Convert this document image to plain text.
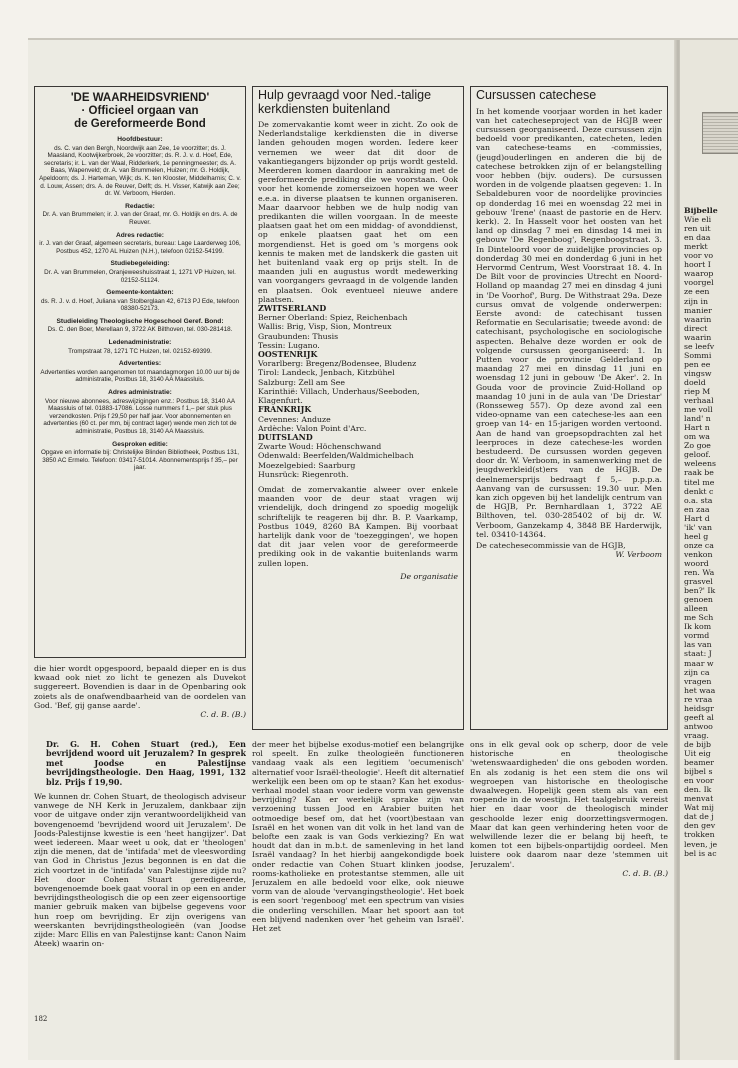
Bijbelle
Wie eli
ren uit
en daa
merkt
voor vo
hoort I
waarop
voorgel
ze een
zijn in
manier
waarin
direct
waarin
se leefv
Sommi
pen ee
vingsw
doeld
riep M
verhaal
me voll
land' n
Hart n
om wa
Zo goe
geloof.
weleens
raak be
titel me
denkt c
o.a. sta
en zaa
Hart d
'ik' van
heel g
onze ca
venkon
woord
ren. Wa
grasvel
ben?' Ik
genoen
alleen
me Sch
Ik kom
vormd
las van
staat: J
maar w
zijn ca
vragen
het waa
re vraa
heidsgr
geeft al
antwoo
vraag.
de bijb
Uit eig
beamer
bijbel s
en voor
den. Ik
menvat
Wat mij
dat de j
den gev
trokken
leven, je
bel is ac
'DE WAARHEIDSVRIEND'
· Officieel orgaan van
de Gereformeerde Bond
Hoofdbestuur:
ds. C. van den Bergh, Noordwijk aan Zee, 1e voorzitter; ds. J. Maasland, Kootwijkerbroek, 2e voorzitter; ds. R. J. v. d. Hoef, Ede, secretaris; ir. L. van der Waal, Ridderkerk, 1e penningmeester; ds. A. Baas, Wapenveld; dr. A. van Brummelen, Huizen; mr. G. Holdijk, Apeldoorn; ds. J. Harteman, Wijk; ds. K. ten Klooster, Middelharnis; C. v. d. Louw, Assen; drs. A. de Reuver, Delft; ds. H. Visser, Katwijk aan Zee; dr. W. Verboom, Hierden.
Redactie:
Dr. A. van Brummelen; ir. J. van der Graaf, mr. G. Holdijk en drs. A. de Reuver.
Adres redactie:
ir. J. van der Graaf, algemeen secretaris, bureau: Lage Laarderweg 106, Postbus 452, 1270 AL Huizen (N.H.), telefoon 02152-54199.
Studiebegeleiding:
Dr. A. van Brummelen, Oranjeweeshuisstraat 1, 1271 VP Huizen, tel. 02152-51124.
Gemeente-kontakten:
ds. R. J. v. d. Hoef, Juliana van Stolberglaan 42, 6713 PJ Ede, telefoon 08380-52173.
Studieleiding Theologische Hogeschool Geref. Bond:
Ds. C. den Boer, Merellaan 9, 3722 AK Bilthoven, tel. 030-281418.
Ledenadministratie:
Trompstraat 78, 1271 TC Huizen, tel. 02152-69399.
Advertenties:
Advertenties worden aangenomen tot maandagmorgen 10.00 uur bij de administratie, Postbus 18, 3140 AA Maassluis.
Adres administratie:
Voor nieuwe abonnees, adreswijzigingen enz.: Postbus 18, 3140 AA Maassluis of tel. 01883-17086. Losse nummers f 1,– per stuk plus verzendkosten. Prijs f 29,50 per half jaar. Voor abonnementen en advertenties (60 ct. per mm, bij contract lager) wende men zich tot de administratie, Postbus 18, 3140 AA Maassluis.
Gesproken editie:
Opgave en informatie bij: Christelijke Blinden Bibliotheek, Postbus 131, 3850 AC Ermelo. Telefoon: 03417-51014. Abonnementsprijs f 35,– per jaar.

die hier wordt opgespoord, bepaald dieper en is dus kwaad ook niet zo licht te genezen als Duvekot suggereert. Bovendien is daar in de Openbaring ook zoiets als de onafwendbaarheid van de oordelen van God. 'Bef, gij ganse aarde'.

C. d. B. (B.)

Dr. G. H. Cohen Stuart (red.), Een bevrijdend woord uit Jeruzalem? In gesprek met Joodse en Palestijnse bevrijdingstheologie. Den Haag, 1991, 132 blz. Prijs f 19,90.

We kunnen dr. Cohen Stuart, de theologisch adviseur vanwege de NH Kerk in Jeruzalem, dankbaar zijn voor de uitgave onder zijn verantwoordelijkheid van bovengenoemd 'bevrijdend woord uit Jeruzalem'. De Joods-Palestijnse kwestie is een 'heet hangijzer'. Dat weet iedereen. Maar weet u ook, dat er 'theologen' zijn die menen, dat de 'intifada' met de vleeswording van God in Christus Jezus begonnen is en dat die zich voortzet in de 'intifada' van Palestijnse zijde nu? Het door Cohen Stuart geredigeerde, bovengenoemde boek gaat vooral in op een en ander bevrijdingstheologisch die op een zeer eigensoortige manier gebruik maken van bijbelse gegevens voor hun roep om bevrijding. Er zijn overigens van weerskanten bevrijdingstheologieën (van Joodse zijde: Marc Ellis en van Palestijnse kant: Canon Naim Ateek) waarin on-

der meer het bijbelse exodus-motief een belangrijke rol speelt. En zulke theologieën functioneren vandaag vaak als een legitiem 'oecumenisch' alternatief voor Israël-theologie'. Heeft dit alternatief werkelijk een been om op te staan? Kan het exodus-verhaal model staan voor iedere vorm van gewenste bevrijding? Kan er werkelijk sprake zijn van verzoening tussen Jood en Arabier buiten het ootmoedige besef om, dat het (voort)bestaan van Israël en het wonen van dit volk in het land van de belofte een zaak is van Gods verkiezing? En wat houdt dat dan in m.b.t. de samenleving in het land Israël vandaag? In het hierbij aangekondigde boek onder redactie van Cohen Stuart klinken joodse, rooms-katholieke en protestantse stemmen, alle uit Jeruzalem en alle bedoeld voor elke, ook nieuwe vorm van de aloude 'vervangingstheologie'. Het boek is een soort 'regenboog' met een spectrum van visies die onderling verschillen. Maar het spoort aan tot een blijvend nadenken over 'het geheim van Israël'. Het zet

ons in elk geval ook op scherp, door de vele historische en theologische 'wetenswaardigheden' die ons geboden worden. En als zodanig is het een stem die ons wil wegroepen van historische en theologische dwaalwegen. Hopelijk geen stem als van een roepende in de woestijn. Het taalgebruik vereist hier en daar voor de theologisch minder geschoolde lezer enig doorzettingsvermogen. Maar dat kan geen verhindering heten voor de welwillende lezer die er belang bij heeft, te komen tot een bijbels-onpartijdig oordeel. Men luistere ook daarom naar deze 'stemmen uit Jeruzalem'.

C. d. B. (B.)

Hulp gevraagd voor Ned.-talige kerkdiensten buitenland

De zomervakantie komt weer in zicht. Zo ook de Nederlandstalige kerkdiensten die in diverse landen gehouden mogen worden. Iedere keer vernemen we weer dat dit door de vakantiegangers bijzonder op prijs wordt gesteld. Meerderen komen daardoor in aanraking met de gereformeerde prediking die we voorstaan. Ook voor het komende zomerseizoen hopen we weer e.e.a. in diverse plaatsen te kunnen organiseren. Maar daarvoor hebben we de hulp nodig van predikanten die willen voorgaan. In de meeste plaatsen gaat het om een middag- of avonddienst, op enkele plaatsen gaat het om een morgendienst. Het is goed om 's morgens ook kennis te maken met de landskerk die gasten uit het buitenland vaak erg op prijs stelt. In de maanden juli en augustus wordt medewerking van voorgangers gevraagd in de volgende landen en plaatsen. Ook eventueel nieuwe andere plaatsen.

ZWITSERLAND

Berner Oberland: Spiez, Reichenbach

Wallis: Brig, Visp, Sion, Montreux

Graubunden: Thusis

Tessin: Lugano.

OOSTENRIJK

Vorarlberg: Bregenz/Bodensee, Bludenz

Tirol: Landeck, Jenbach, Kitzbühel

Salzburg: Zell am See

Karinthië: Villach, Underhaus/Seeboden, Klagenfurt.

FRANKRIJK

Cevennes: Anduze

Ardèche: Valon Point d'Arc.

DUITSLAND

Zwarte Woud: Höchenschwand

Odenwald: Beerfelden/Waldmichelbach

Moezelgebied: Saarburg

Hunsrück: Riegenroth.

Omdat de zomervakantie alweer over enkele maanden voor de deur staat vragen wij vriendelijk, doch dringend zo spoedig mogelijk schriftelijk te reageren bij dhr. B. P. Vaarkamp, Postbus 1049, 8260 BA Kampen. Bij voorbaat hartelijk dank voor de 'toezeggingen', we hopen dat dit jaar velen voor de gereformeerde prediking ook in de vakantie buitenlands warm zullen lopen.

De organisatie

Cursussen catechese

In het komende voorjaar worden in het kader van het catecheseproject van de HGJB weer cursussen georganiseerd. Deze cursussen zijn bedoeld voor predikanten, catecheten, leden van catechese-teams en -commissies, (jeugd)ouderlingen en anderen die bij de catechese betrokken zijn of er belangstelling voor hebben (bijv. ouders). De cursussen worden in de volgende plaatsen gegeven: 1. In Sebaldeburen voor de noordelijke provincies op donderdag 16 mei en woensdag 22 mei in gebouw 'Irene' (naast de pastorie en de Herv. kerk). 2. In Hasselt voor het oosten van het land op dinsdag 7 mei en dinsdag 14 mei in gebouw 'De Regenboog', Regenboogstraat. 3. In Dinteloord voor de zuidelijke provincies op donderdag 30 mei en donderdag 6 juni in het Hervormd Centrum, West Voorstraat 18. 4. In De Bilt voor de provincies Utrecht en Noord-Holland op maandag 27 mei en dinsdag 4 juni in 'De Voorhof', Burg. De Withstraat 29a. Deze cursus omvat de volgende onderwerpen: Eerste avond: de catechisant tussen Reformatie en Secularisatie; tweede avond: de catechisant, psychologische en sociologische aspecten. Behalve deze worden er ook de volgende cursussen georganiseerd: 1. In Putten voor de provincie Gelderland op maandag 27 mei en dinsdag 11 juni en woensdag 12 juni in gebouw 'De Aker'. 2. In Gouda voor de provincie Zuid-Holland op maandag 10 juni in de aula van 'De Driestar' (Ronsseweg 557). Op deze avond zal een video-opname van een catechese-les aan een groep van 14- en 15-jarigen worden vertoond. Aan de hand van groepsopdrachten zal het leerproces in deze catechese-les worden bestudeerd. De cursussen worden gegeven door dr. W. Verboom, in samenwerking met de jeugdwerkleid(st)ers van de HGJB. De deelnemersprijs bedraagt f 5,– p.p.p.a. Aanvang van de cursussen: 19.30 uur. Men kan zich opgeven bij het landelijk centrum van de HGJB, Pr. Bernhardlaan 1, 3722 AE Bilthoven, tel. 030-285402 of bij dr. W. Verboom, Ganzekamp 4, 3848 BE Harderwijk, tel. 03410-14364.

De catechesecommissie van de HGJB,

W. Verboom

182
